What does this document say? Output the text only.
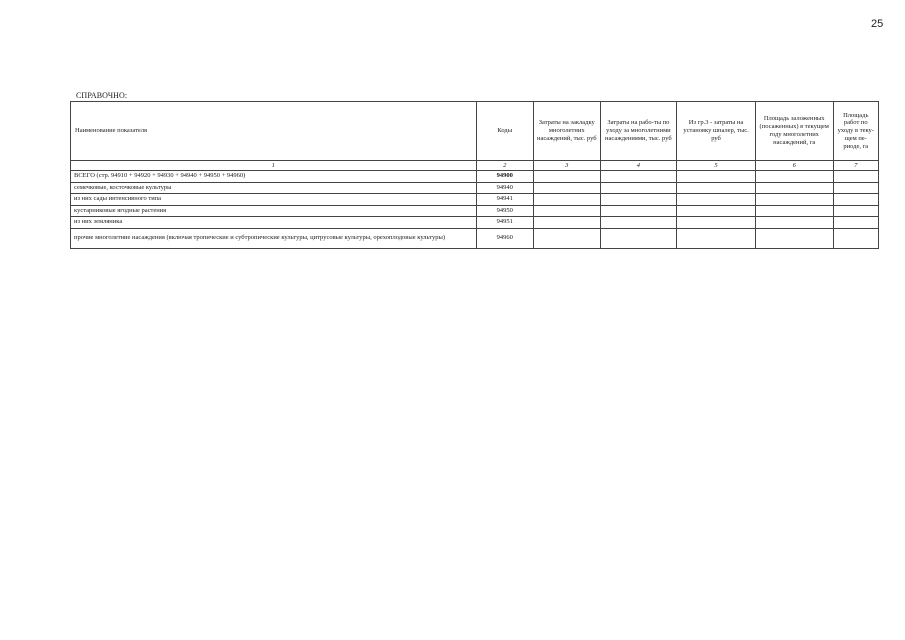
25
СПРАВОЧНО:
Наименование показателя	Коды	Затраты на закладку многолетних насаждений, тыс. руб	Затраты на рабо-ты по уходу за многолетними насаждениями, тыс. руб	Из гр.3 - затраты на установку шпалер, тыс. руб	Площадь заложенных (посаженных) в текущем году многолетних насаждений, га	Площадь работ по уходу в теку-щем пе-риоде, га
1	2	3	4	5	6	7
ВСЕГО (стр. 94910 + 94920 + 94930 + 94940 + 94950 + 94960)	94900					
семечковые, косточковые культуры	94940					
из них сады интенсивного типа	94941					
кустарниковые ягодные растения	94950					
из них земляника	94951					
прочие многолетние насаждения (включая тропические и субтропические культуры, цитрусовые культуры, орехоплодовые культуры)	94960					
